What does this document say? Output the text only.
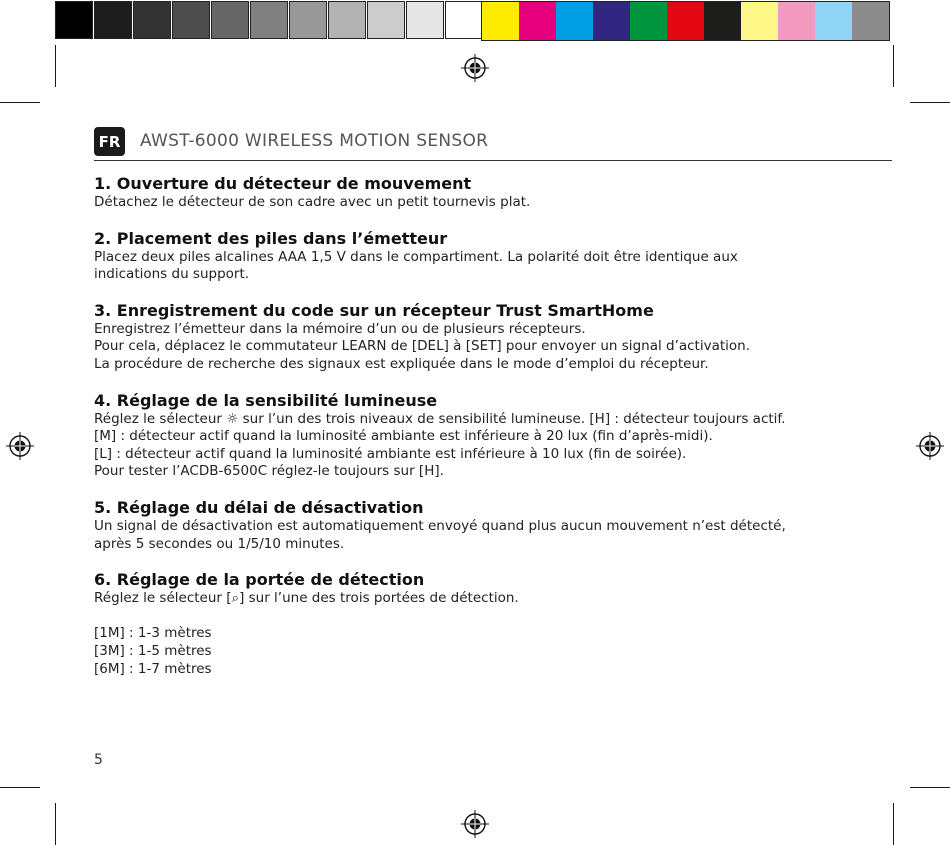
FR AWST-6000 WIRELESS MOTION SENSOR
1. Ouverture du détecteur de mouvement

Détachez le détecteur de son cadre avec un petit tournevis plat.

2. Placement des piles dans l’émetteur

Placez deux piles alcalines AAA 1,5 V dans le compartiment. La polarité doit être identique aux

indications du support.

3. Enregistrement du code sur un récepteur Trust SmartHome

Enregistrez l’émetteur dans la mémoire d’un ou de plusieurs récepteurs.

Pour cela, déplacez le commutateur LEARN de [DEL] à [SET] pour envoyer un signal d’activation.

La procédure de recherche des signaux est expliquée dans le mode d’emploi du récepteur.

4. Réglage de la sensibilité lumineuse

Réglez le sélecteur ☼ sur l’un des trois niveaux de sensibilité lumineuse. [H] : détecteur toujours actif.

[M] : détecteur actif quand la luminosité ambiante est inférieure à 20 lux (fin d’après-midi).

[L] : détecteur actif quand la luminosité ambiante est inférieure à 10 lux (fin de soirée).

Pour tester l’ACDB-6500C réglez-le toujours sur [H].

5. Réglage du délai de désactivation

Un signal de désactivation est automatiquement envoyé quand plus aucun mouvement n’est détecté,

après 5 secondes ou 1/5/10 minutes.

6. Réglage de la portée de détection

Réglez le sélecteur [⌕] sur l’une des trois portées de détection.

[1M] : 1-3 mètres

[3M] : 1-5 mètres

[6M] : 1-7 mètres

5
